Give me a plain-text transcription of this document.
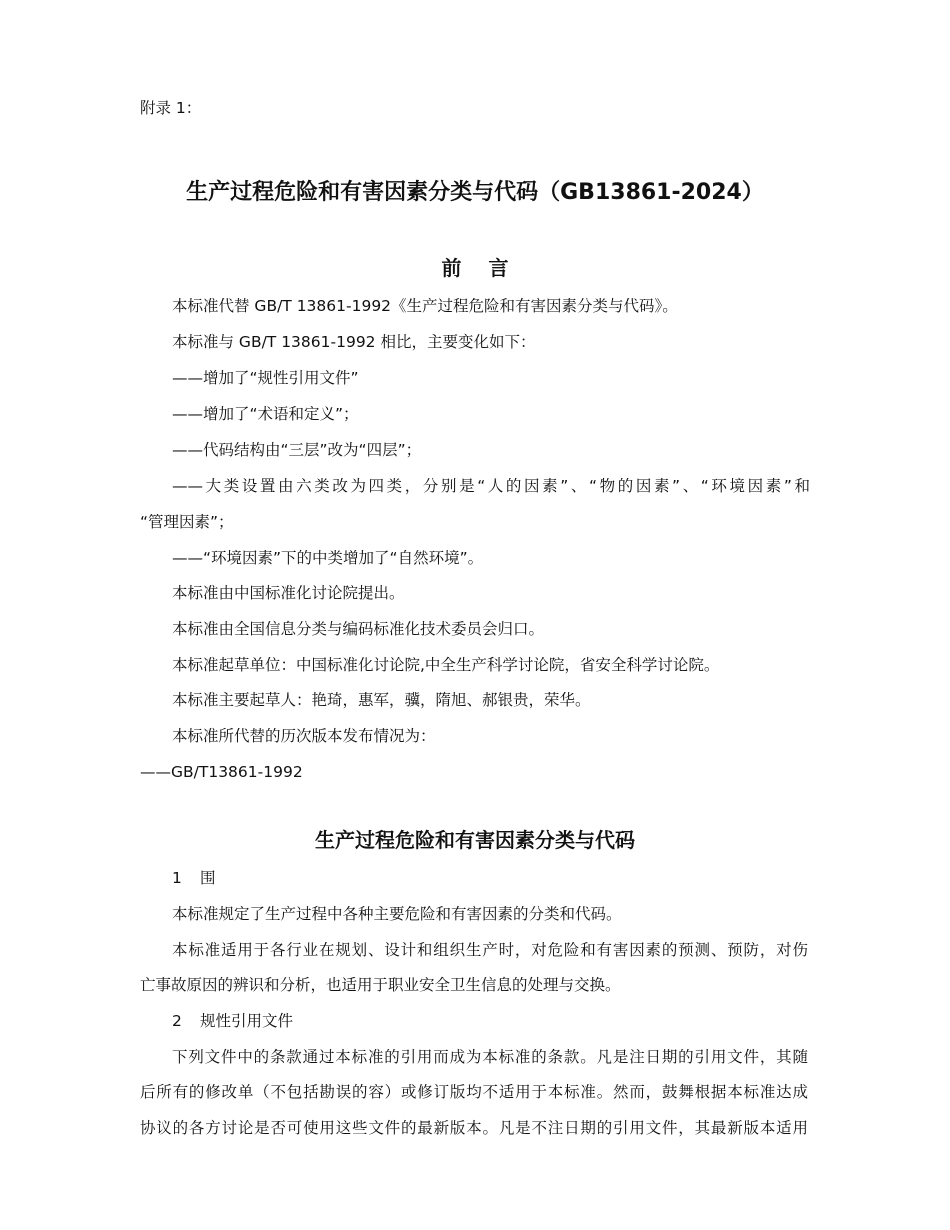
附录 1：
生产过程危险和有害因素分类与代码（GB13861-2024）
前 言
本标准代替 GB/T 13861-1992《生产过程危险和有害因素分类与代码》。
本标准与 GB/T 13861-1992 相比，主要变化如下：
——增加了“规性引用文件”
——增加了“术语和定义”；
——代码结构由“三层”改为“四层”；
——大类设置由六类改为四类，分别是“人的因素”、“物的因素”、“环境因素”和
“管理因素”；
——“环境因素”下的中类增加了“自然环境”。
本标准由中国标准化讨论院提出。
本标准由全国信息分类与编码标准化技术委员会归口。
本标准起草单位：中国标准化讨论院,中全生产科学讨论院，省安全科学讨论院。
本标准主要起草人：艳琦，惠军，骥，隋旭、郝银贵，荣华。
本标准所代替的历次版本发布情况为：
——GB/T13861-1992
生产过程危险和有害因素分类与代码
1 围
本标准规定了生产过程中各种主要危险和有害因素的分类和代码。
本标准适用于各行业在规划、设计和组织生产时，对危险和有害因素的预测、预防，对伤
亡事故原因的辨识和分析，也适用于职业安全卫生信息的处理与交换。
2 规性引用文件
下列文件中的条款通过本标准的引用而成为本标准的条款。凡是注日期的引用文件，其随
后所有的修改单（不包括勘误的容）或修订版均不适用于本标准。然而，鼓舞根据本标准达成
协议的各方讨论是否可使用这些文件的最新版本。凡是不注日期的引用文件，其最新版本适用
